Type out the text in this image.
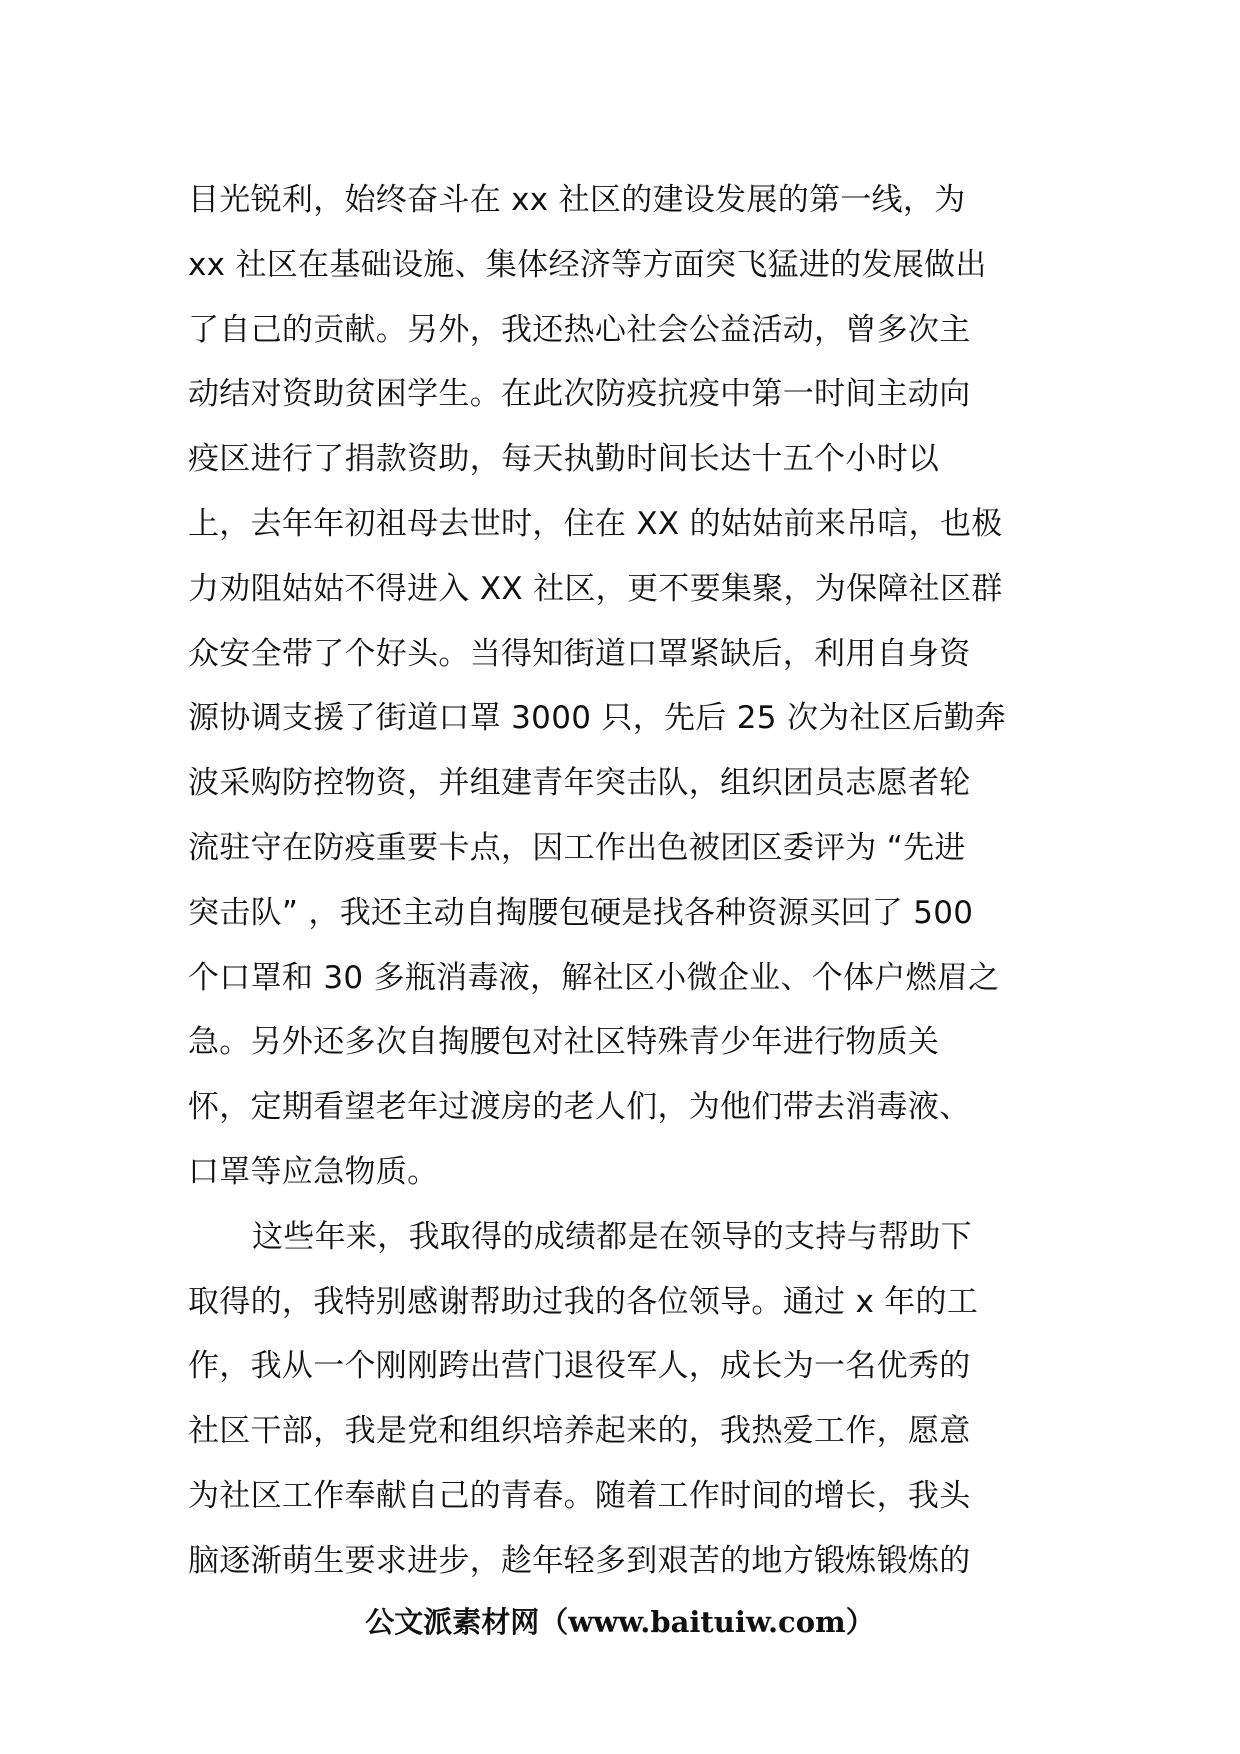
目光锐利，始终奋斗在 xx 社区的建设发展的第一线，为
xx 社区在基础设施、集体经济等方面突飞猛进的发展做出
了自己的贡献。另外，我还热心社会公益活动，曾多次主
动结对资助贫困学生。在此次防疫抗疫中第一时间主动向
疫区进行了捐款资助，每天执勤时间长达十五个小时以
上，去年年初祖母去世时，住在 XX 的姑姑前来吊唁，也极
力劝阻姑姑不得进入 XX 社区，更不要集聚，为保障社区群
众安全带了个好头。当得知街道口罩紧缺后，利用自身资
源协调支援了街道口罩 3000 只，先后 25 次为社区后勤奔
波采购防控物资，并组建青年突击队，组织团员志愿者轮
流驻守在防疫重要卡点，因工作出色被团区委评为 “先进
突击队” ，我还主动自掏腰包硬是找各种资源买回了 500
个口罩和 30 多瓶消毒液，解社区小微企业、个体户燃眉之
急。另外还多次自掏腰包对社区特殊青少年进行物质关
怀，定期看望老年过渡房的老人们，为他们带去消毒液、
口罩等应急物质。
这些年来，我取得的成绩都是在领导的支持与帮助下
取得的，我特别感谢帮助过我的各位领导。通过 x 年的工
作，我从一个刚刚跨出营门退役军人，成长为一名优秀的
社区干部，我是党和组织培养起来的，我热爱工作，愿意
为社区工作奉献自己的青春。随着工作时间的增长，我头
脑逐渐萌生要求进步，趁年轻多到艰苦的地方锻炼锻炼的
公文派素材网（www.baituiw.com）
